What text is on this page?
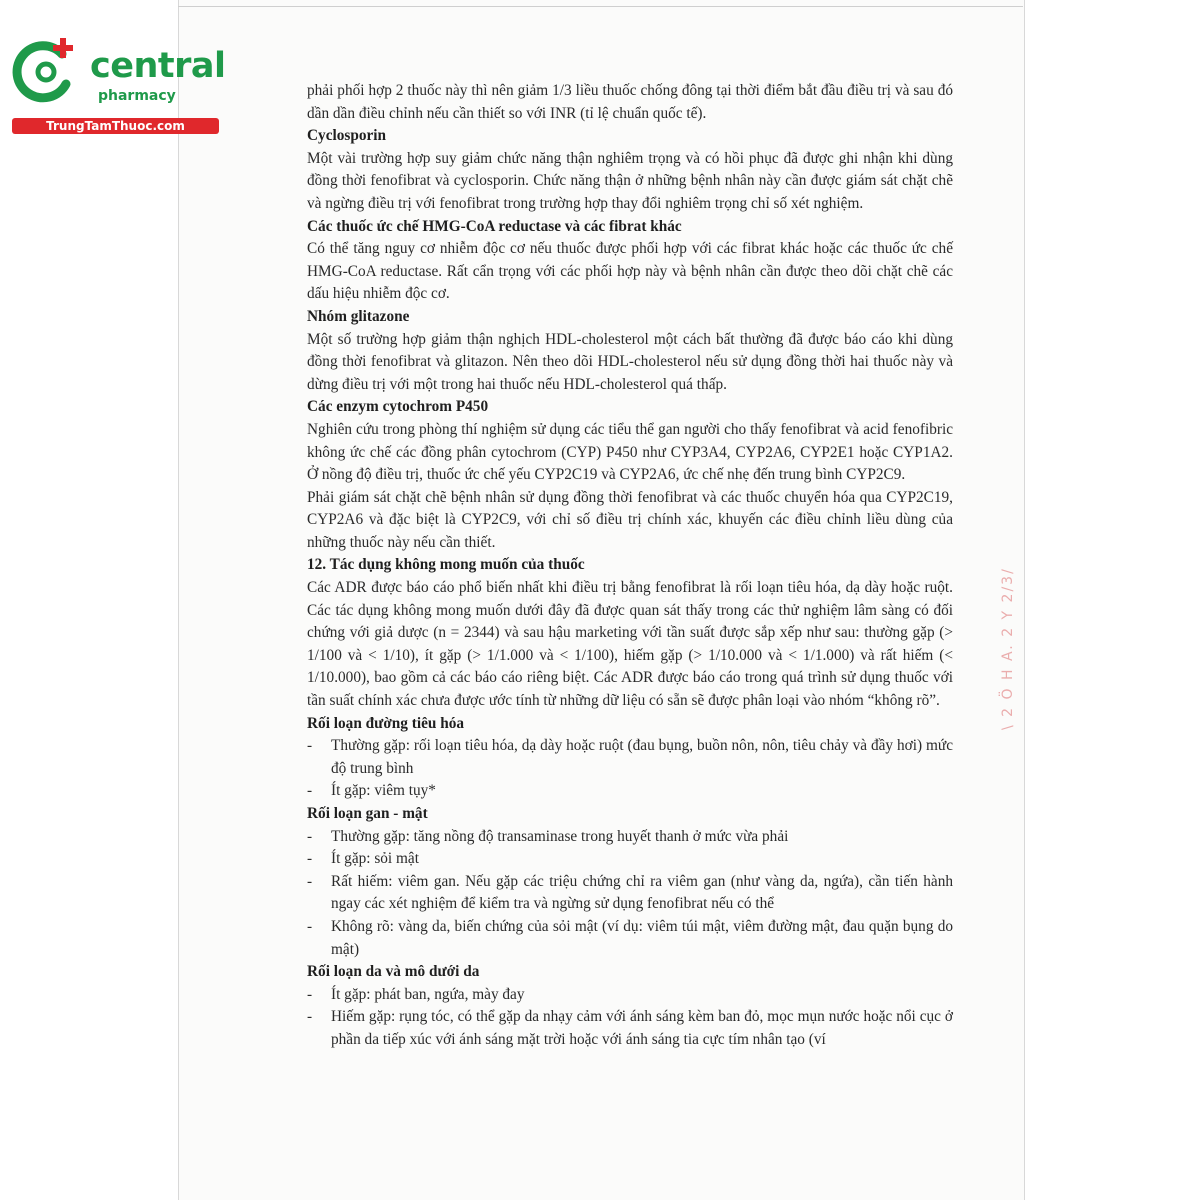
central
pharmacy
TrungTamThuoc.com

phải phối hợp 2 thuốc này thì nên giảm 1/3 liều thuốc chống đông tại thời điểm bắt đầu điều trị và sau đó dần dần điều chỉnh nếu cần thiết so với INR (tỉ lệ chuẩn quốc tế).

Cyclosporin

Một vài trường hợp suy giảm chức năng thận nghiêm trọng và có hồi phục đã được ghi nhận khi dùng đồng thời fenofibrat và cyclosporin. Chức năng thận ở những bệnh nhân này cần được giám sát chặt chẽ và ngừng điều trị với fenofibrat trong trường hợp thay đổi nghiêm trọng chỉ số xét nghiệm.

Các thuốc ức chế HMG-CoA reductase và các fibrat khác

Có thể tăng nguy cơ nhiễm độc cơ nếu thuốc được phối hợp với các fibrat khác hoặc các thuốc ức chế HMG-CoA reductase. Rất cẩn trọng với các phối hợp này và bệnh nhân cần được theo dõi chặt chẽ các dấu hiệu nhiễm độc cơ.

Nhóm glitazone

Một số trường hợp giảm thận nghịch HDL-cholesterol một cách bất thường đã được báo cáo khi dùng đồng thời fenofibrat và glitazon. Nên theo dõi HDL-cholesterol nếu sử dụng đồng thời hai thuốc này và dừng điều trị với một trong hai thuốc nếu HDL-cholesterol quá thấp.

Các enzym cytochrom P450

Nghiên cứu trong phòng thí nghiệm sử dụng các tiểu thể gan người cho thấy fenofibrat và acid fenofibric không ức chế các đồng phân cytochrom (CYP) P450 như CYP3A4, CYP2A6, CYP2E1 hoặc CYP1A2. Ở nồng độ điều trị, thuốc ức chế yếu CYP2C19 và CYP2A6, ức chế nhẹ đến trung bình CYP2C9.

Phải giám sát chặt chẽ bệnh nhân sử dụng đồng thời fenofibrat và các thuốc chuyển hóa qua CYP2C19, CYP2A6 và đặc biệt là CYP2C9, với chỉ số điều trị chính xác, khuyến các điều chỉnh liều dùng của những thuốc này nếu cần thiết.

12. Tác dụng không mong muốn của thuốc

Các ADR được báo cáo phổ biến nhất khi điều trị bằng fenofibrat là rối loạn tiêu hóa, dạ dày hoặc ruột. Các tác dụng không mong muốn dưới đây đã được quan sát thấy trong các thử nghiệm lâm sàng có đối chứng với giả dược (n = 2344) và sau hậu marketing với tần suất được sắp xếp như sau: thường gặp (> 1/100 và < 1/10), ít gặp (> 1/1.000 và < 1/100), hiếm gặp (> 1/10.000 và < 1/1.000) và rất hiếm (< 1/10.000), bao gồm cả các báo cáo riêng biệt. Các ADR được báo cáo trong quá trình sử dụng thuốc với tần suất chính xác chưa được ước tính từ những dữ liệu có sẵn sẽ được phân loại vào nhóm “không rõ”.

Rối loạn đường tiêu hóa
-	Thường gặp: rối loạn tiêu hóa, dạ dày hoặc ruột (đau bụng, buồn nôn, nôn, tiêu chảy và đầy hơi) mức độ trung bình
-	Ít gặp: viêm tụy*
Rối loạn gan - mật
-	Thường gặp: tăng nồng độ transaminase trong huyết thanh ở mức vừa phải
-	Ít gặp: sỏi mật
-	Rất hiếm: viêm gan. Nếu gặp các triệu chứng chỉ ra viêm gan (như vàng da, ngứa), cần tiến hành ngay các xét nghiệm để kiểm tra và ngừng sử dụng fenofibrat nếu có thể
-	Không rõ: vàng da, biến chứng của sỏi mật (ví dụ: viêm túi mật, viêm đường mật, đau quặn bụng do mật)
Rối loạn da và mô dưới da
-	Ít gặp: phát ban, ngứa, mày đay
-	Hiếm gặp: rụng tóc, có thể gặp da nhạy cảm với ánh sáng kèm ban đỏ, mọc mụn nước hoặc nổi cục ở phần da tiếp xúc với ánh sáng mặt trời hoặc với ánh sáng tia cực tím nhân tạo (ví
\ 2 Ö H A. 2 Y 2/3/
